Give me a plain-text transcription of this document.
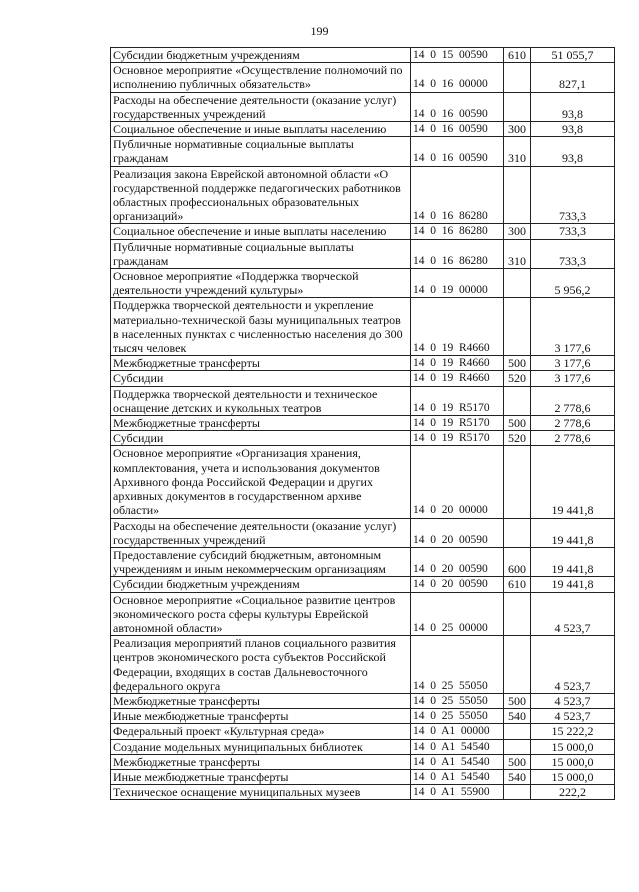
199
Субсидии бюджетным учреждениям	14  0  15  00590	610	51 055,7
Основное мероприятие «Осуществление полномочий по исполнению публичных обязательств»	14  0  16  00000		827,1
Расходы на обеспечение деятельности (оказание услуг) государственных учреждений	14  0  16  00590		93,8
Социальное обеспечение и иные выплаты населению	14  0  16  00590	300	93,8
Публичные нормативные социальные выплаты гражданам	14  0  16  00590	310	93,8
Реализация закона Еврейской автономной области «О государственной поддержке педагогических работников областных профессиональных образовательных организаций»	14  0  16  86280		733,3
Социальное обеспечение и иные выплаты населению	14  0  16  86280	300	733,3
Публичные нормативные социальные выплаты гражданам	14  0  16  86280	310	733,3
Основное мероприятие «Поддержка творческой деятельности учреждений культуры»	14  0  19  00000		5 956,2
Поддержка творческой деятельности и укрепление материально-технической базы муниципальных театров в населенных пунктах с численностью населения до 300 тысяч человек	14  0  19  R4660		3 177,6
Межбюджетные трансферты	14  0  19  R4660	500	3 177,6
Субсидии	14  0  19  R4660	520	3 177,6
Поддержка творческой деятельности и техническое оснащение детских и кукольных театров	14  0  19  R5170		2 778,6
Межбюджетные трансферты	14  0  19  R5170	500	2 778,6
Субсидии	14  0  19  R5170	520	2 778,6
Основное мероприятие «Организация хранения, комплектования, учета и использования документов Архивного фонда Российской Федерации и других архивных документов в государственном архиве области»	14  0  20  00000		19 441,8
Расходы на обеспечение деятельности (оказание услуг) государственных учреждений	14  0  20  00590		19 441,8
Предоставление субсидий бюджетным, автономным учреждениям и иным некоммерческим организациям	14  0  20  00590	600	19 441,8
Субсидии бюджетным учреждениям	14  0  20  00590	610	19 441,8
Основное мероприятие «Социальное развитие центров экономического роста сферы культуры Еврейской автономной области»	14  0  25  00000		4 523,7
Реализация мероприятий планов социального развития центров экономического роста субъектов Российской Федерации, входящих в состав Дальневосточного федерального округа	14  0  25  55050		4 523,7
Межбюджетные трансферты	14  0  25  55050	500	4 523,7
Иные межбюджетные трансферты	14  0  25  55050	540	4 523,7
Федеральный проект «Культурная среда»	14  0  A1  00000		15 222,2
Создание модельных муниципальных библиотек	14  0  A1  54540		15 000,0
Межбюджетные трансферты	14  0  A1  54540	500	15 000,0
Иные межбюджетные трансферты	14  0  A1  54540	540	15 000,0
Техническое оснащение муниципальных музеев	14  0  A1  55900		222,2
